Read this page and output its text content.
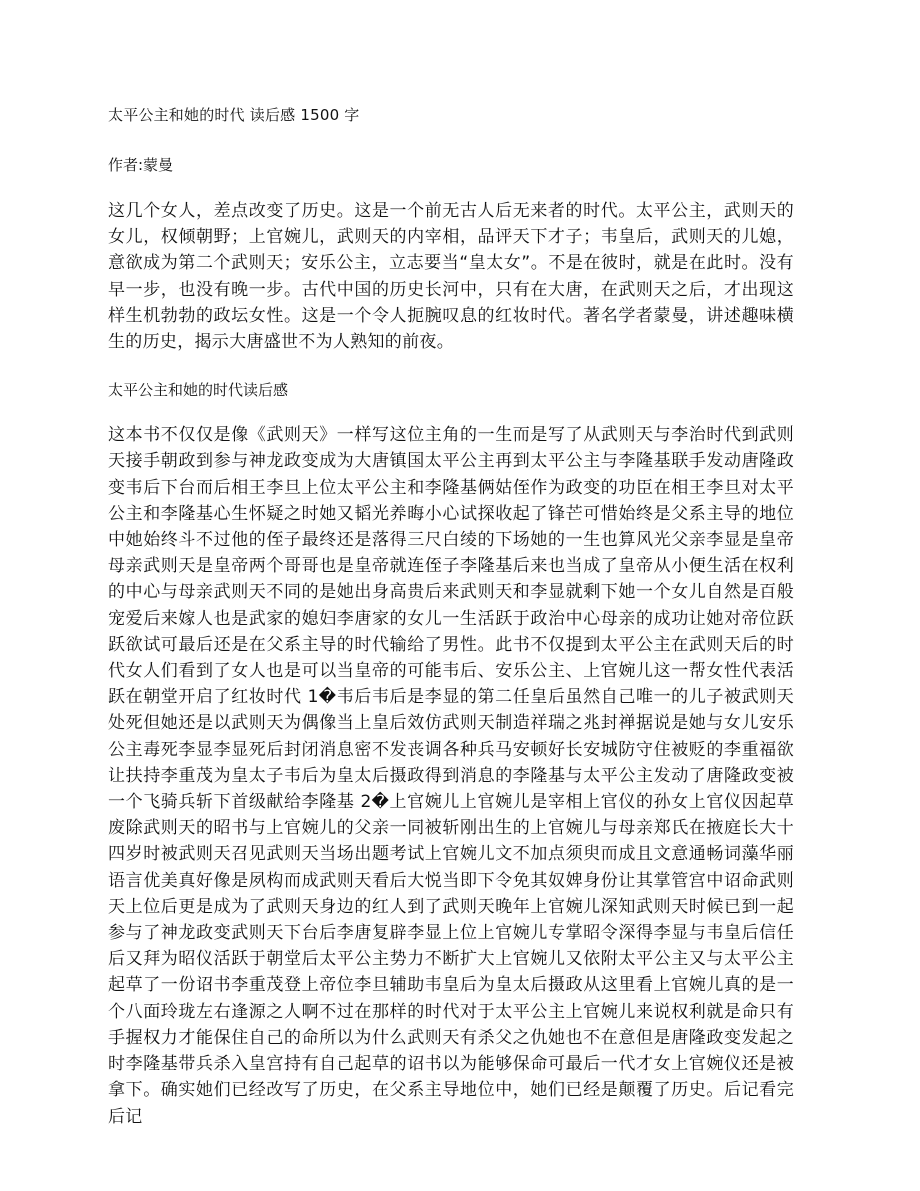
太平公主和她的时代 读后感 1500 字

作者:蒙曼

这几个女人，差点改变了历史。这是一个前无古人后无来者的时代。太平公主，武则天的女儿，权倾朝野；上官婉儿，武则天的内宰相，品评天下才子；韦皇后，武则天的儿媳，意欲成为第二个武则天；安乐公主，立志要当“皇太女”。不是在彼时，就是在此时。没有早一步，也没有晚一步。古代中国的历史长河中，只有在大唐，在武则天之后，才出现这样生机勃勃的政坛女性。这是一个令人扼腕叹息的红妆时代。著名学者蒙曼，讲述趣味横生的历史，揭示大唐盛世不为人熟知的前夜。

太平公主和她的时代读后感

这本书不仅仅是像《武则天》一样写这位主角的一生而是写了从武则天与李治时代到武则天接手朝政到参与神龙政变成为大唐镇国太平公主再到太平公主与李隆基联手发动唐隆政变韦后下台而后相王李旦上位太平公主和李隆基俩姑侄作为政变的功臣在相王李旦对太平公主和李隆基心生怀疑之时她又韬光养晦小心试探收起了锋芒可惜始终是父系主导的地位中她始终斗不过他的侄子最终还是落得三尺白绫的下场她的一生也算风光父亲李显是皇帝母亲武则天是皇帝两个哥哥也是皇帝就连侄子李隆基后来也当成了皇帝从小便生活在权利的中心与母亲武则天不同的是她出身高贵后来武则天和李显就剩下她一个女儿自然是百般宠爱后来嫁人也是武家的媳妇李唐家的女儿一生活跃于政治中心母亲的成功让她对帝位跃跃欲试可最后还是在父系主导的时代输给了男性。此书不仅提到太平公主在武则天后的时代女人们看到了女人也是可以当皇帝的可能韦后、安乐公主、上官婉儿这一帮女性代表活跃在朝堂开启了红妆时代 1�韦后韦后是李显的第二任皇后虽然自己唯一的儿子被武则天处死但她还是以武则天为偶像当上皇后效仿武则天制造祥瑞之兆封禅据说是她与女儿安乐公主毒死李显李显死后封闭消息密不发丧调各种兵马安顿好长安城防守住被贬的李重福欲让扶持李重茂为皇太子韦后为皇太后摄政得到消息的李隆基与太平公主发动了唐隆政变被一个飞骑兵斩下首级献给李隆基 2�上官婉儿上官婉儿是宰相上官仪的孙女上官仪因起草废除武则天的昭书与上官婉儿的父亲一同被斩刚出生的上官婉儿与母亲郑氏在掖庭长大十四岁时被武则天召见武则天当场出题考试上官婉儿文不加点须臾而成且文意通畅词藻华丽语言优美真好像是夙构而成武则天看后大悦当即下令免其奴婢身份让其掌管宫中诏命武则天上位后更是成为了武则天身边的红人到了武则天晚年上官婉儿深知武则天时候已到一起参与了神龙政变武则天下台后李唐复辟李显上位上官婉儿专掌昭令深得李显与韦皇后信任后又拜为昭仪活跃于朝堂后太平公主势力不断扩大上官婉儿又依附太平公主又与太平公主起草了一份诏书李重茂登上帝位李旦辅助韦皇后为皇太后摄政从这里看上官婉儿真的是一个八面玲珑左右逢源之人啊不过在那样的时代对于太平公主上官婉儿来说权利就是命只有手握权力才能保住自己的命所以为什么武则天有杀父之仇她也不在意但是唐隆政变发起之时李隆基带兵杀入皇宫持有自己起草的诏书以为能够保命可最后一代才女上官婉仪还是被拿下。确实她们已经改写了历史，在父系主导地位中，她们已经是颠覆了历史。后记看完后记
